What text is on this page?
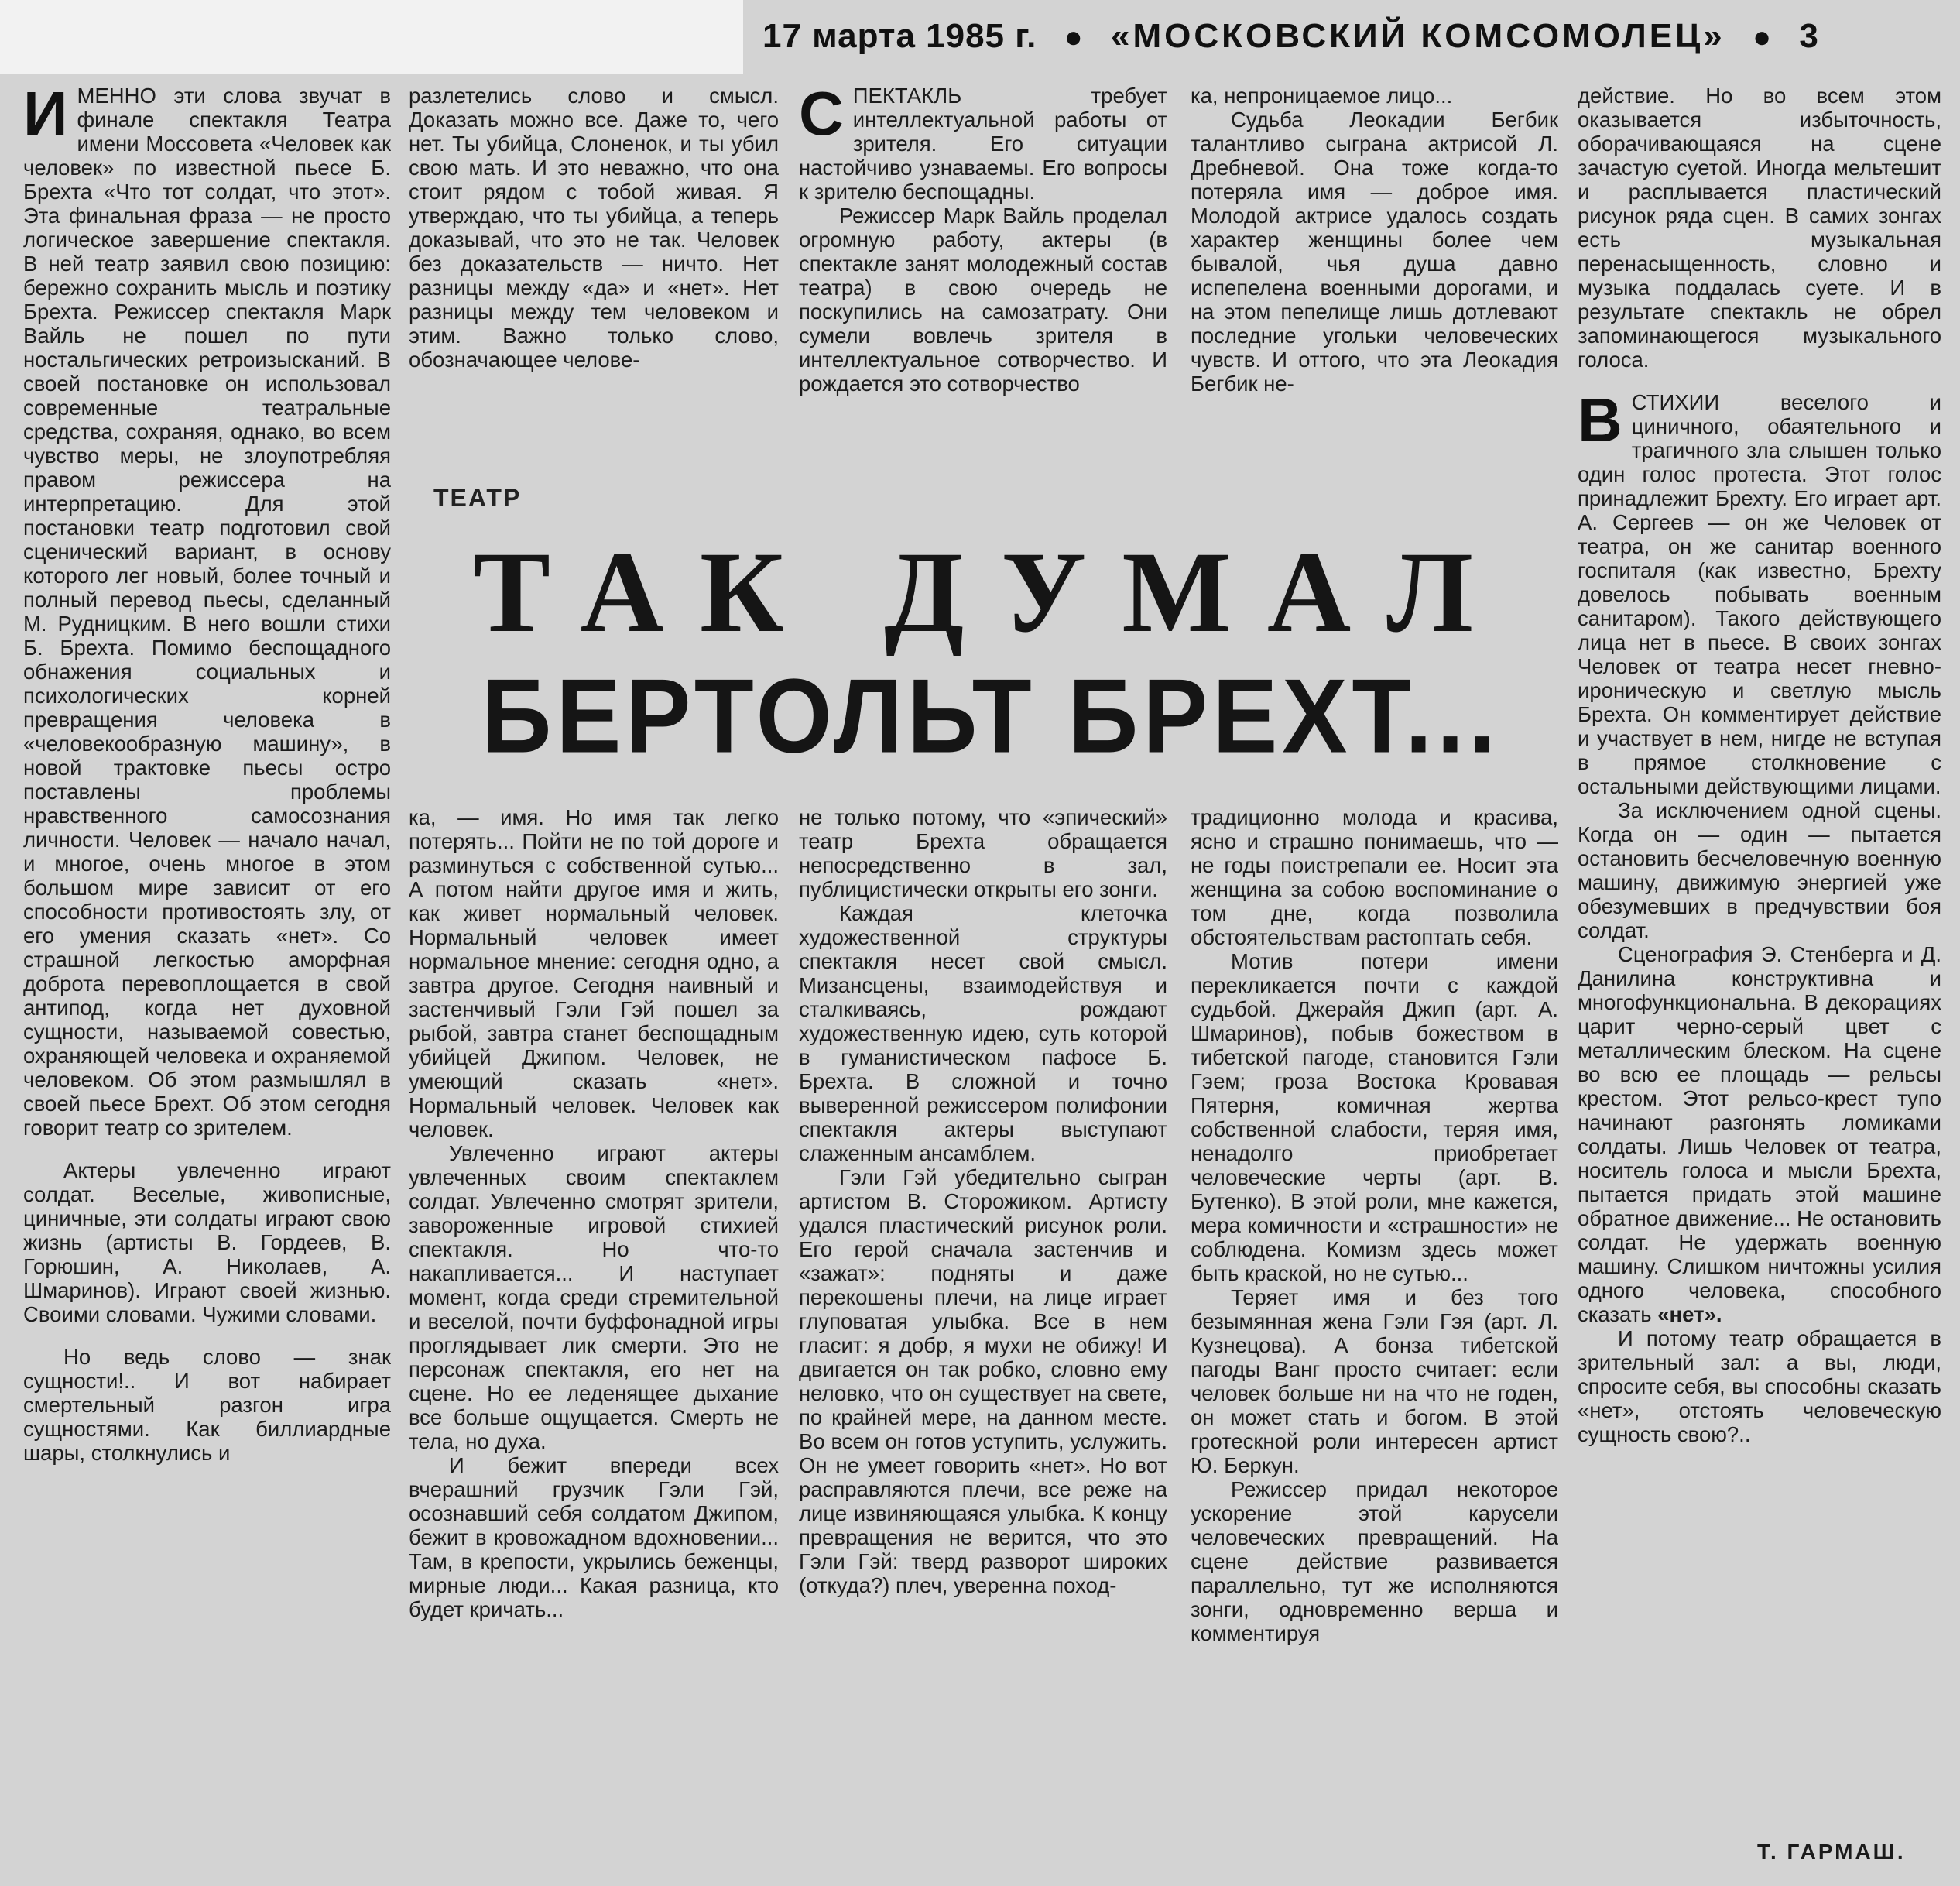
17 марта 1985 г. ● «МОСКОВСКИЙ КОМСОМОЛЕЦ» ● 3
И МЕННО эти слова звучат в финале спектакля Театра имени Моссовета «Человек как человек» по известной пьесе Б. Брехта «Что тот солдат, что этот». Эта финальная фраза — не просто логическое завершение спектакля. В ней театр заявил свою позицию: бережно сохранить мысль и поэтику Брехта. Режиссер спектакля Марк Вайль не пошел по пути ностальгических ретроизысканий. В своей постановке он использовал современные театральные средства, сохраняя, однако, во всем чувство меры, не злоупотребляя правом режиссера на интерпретацию. Для этой постановки театр подготовил свой сценический вариант, в основу которого лег новый, более точный и полный перевод пьесы, сделанный М. Рудницким. В него вошли стихи Б. Брехта. Помимо беспощадного обнажения социальных и психологических корней превращения человека в «человекообразную машину», в новой трактовке пьесы остро поставлены проблемы нравственного самосознания личности. Человек — начало начал, и многое, очень многое в этом большом мире зависит от его способности противостоять злу, от его умения сказать «нет». Со страшной легкостью аморфная доброта перевоплощается в свой антипод, когда нет духовной сущности, называемой совестью, охраняющей человека и охраняемой человеком. Об этом размышлял в своей пьесе Брехт. Об этом сегодня говорит театр со зрителем.

Актеры увлеченно играют солдат. Веселые, живописные, циничные, эти солдаты играют свою жизнь (артисты В. Гордеев, В. Горюшин, А. Николаев, А. Шмаринов). Играют своей жизнью. Своими словами. Чужими словами.

Но ведь слово — знак сущности!.. И вот набирает смертельный разгон игра сущностями. Как биллиардные шары, столкнулись и

разлетелись слово и смысл. Доказать можно все. Даже то, чего нет. Ты убийца, Слоненок, и ты убил свою мать. И это неважно, что она стоит рядом с тобой живая. Я утверждаю, что ты убийца, а теперь доказывай, что это не так. Человек без доказательств — ничто. Нет разницы между «да» и «нет». Нет разницы между тем человеком и этим. Важно только слово, обозначающее челове-

С ПЕКТАКЛЬ требует интеллектуальной работы от зрителя. Его ситуации настойчиво узнаваемы. Его вопросы к зрителю беспощадны.

Режиссер Марк Вайль проделал огромную работу, актеры (в спектакле занят молодежный состав театра) в свою очередь не поскупились на самозатрату. Они сумели вовлечь зрителя в интеллектуальное сотворчество. И рождается это сотворчество

ка, непроницаемое лицо...

Судьба Леокадии Бегбик талантливо сыграна актрисой Л. Дребневой. Она тоже когда-то потеряла имя — доброе имя. Молодой актрисе удалось создать характер женщины более чем бывалой, чья душа давно испепелена военными дорогами, и на этом пепелище лишь дотлевают последние угольки человеческих чувств. И оттого, что эта Леокадия Бегбик не-

ТЕАТР
ТАК ДУМАЛ
БЕРТОЛЬТ БРЕХТ...

ка, — имя. Но имя так легко потерять... Пойти не по той дороге и разминуться с собственной сутью... А потом найти другое имя и жить, как живет нормальный человек. Нормальный человек имеет нормальное мнение: сегодня одно, а завтра другое. Сегодня наивный и застенчивый Гэли Гэй пошел за рыбой, завтра станет беспощадным убийцей Джипом. Человек, не умеющий сказать «нет». Нормальный человек. Человек как человек.

Увлеченно играют актеры увлеченных своим спектаклем солдат. Увлеченно смотрят зрители, завороженные игровой стихией спектакля. Но что-то накапливается... И наступает момент, когда среди стремительной и веселой, почти буффонадной игры проглядывает лик смерти. Это не персонаж спектакля, его нет на сцене. Но ее леденящее дыхание все больше ощущается. Смерть не тела, но духа.

И бежит впереди всех вчерашний грузчик Гэли Гэй, осознавший себя солдатом Джипом, бежит в кровожадном вдохновении... Там, в крепости, укрылись беженцы, мирные люди... Какая разница, кто будет кричать...

не только потому, что «эпический» театр Брехта обращается непосредственно в зал, публицистически открыты его зонги.

Каждая клеточка художественной структуры спектакля несет свой смысл. Мизансцены, взаимодействуя и сталкиваясь, рождают художественную идею, суть которой в гуманистическом пафосе Б. Брехта. В сложной и точно выверенной режиссером полифонии спектакля актеры выступают слаженным ансамблем.

Гэли Гэй убедительно сыгран артистом В. Сторожиком. Артисту удался пластический рисунок роли. Его герой сначала застенчив и «зажат»: подняты и даже перекошены плечи, на лице играет глуповатая улыбка. Все в нем гласит: я добр, я мухи не обижу! И двигается он так робко, словно ему неловко, что он существует на свете, по крайней мере, на данном месте. Во всем он готов уступить, услужить. Он не умеет говорить «нет». Но вот расправляются плечи, все реже на лице извиняющаяся улыбка. К концу превращения не верится, что это Гэли Гэй: тверд разворот широких (откуда?) плеч, уверенна поход-

традиционно молода и красива, ясно и страшно понимаешь, что — не годы поистрепали ее. Носит эта женщина за собою воспоминание о том дне, когда позволила обстоятельствам растоптать себя.

Мотив потери имени перекликается почти с каждой судьбой. Джерайя Джип (арт. А. Шмаринов), побыв божеством в тибетской пагоде, становится Гэли Гэем; гроза Востока Кровавая Пятерня, комичная жертва собственной слабости, теряя имя, ненадолго приобретает человеческие черты (арт. В. Бутенко). В этой роли, мне кажется, мера комичности и «страшности» не соблюдена. Комизм здесь может быть краской, но не сутью...

Теряет имя и без того безымянная жена Гэли Гэя (арт. Л. Кузнецова). А бонза тибетской пагоды Ванг просто считает: если человек больше ни на что не годен, он может стать и богом. В этой гротескной роли интересен артист Ю. Беркун.

Режиссер придал некоторое ускорение этой карусели человеческих превращений. На сцене действие развивается параллельно, тут же исполняются зонги, одновременно верша и комментируя

действие. Но во всем этом оказывается избыточность, оборачивающаяся на сцене зачастую суетой. Иногда мельтешит и расплывается пластический рисунок ряда сцен. В самих зонгах есть музыкальная перенасыщенность, словно и музыка поддалась суете. И в результате спектакль не обрел запоминающегося музыкального голоса.

ВСТИХИИ веселого и циничного, обаятельного и трагичного зла слышен только один голос протеста. Этот голос принадлежит Брехту. Его играет арт. А. Сергеев — он же Человек от театра, он же санитар военного госпиталя (как известно, Брехту довелось побывать военным санитаром). Такого действующего лица нет в пьесе. В своих зонгах Человек от театра несет гневно-ироническую и светлую мысль Брехта. Он комментирует действие и участвует в нем, нигде не вступая в прямое столкновение с остальными действующими лицами.

За исключением одной сцены. Когда он — один — пытается остановить бесчеловечную военную машину, движимую энергией уже обезумевших в предчувствии боя солдат.

Сценография Э. Стенберга и Д. Данилина конструктивна и многофункциональна. В декорациях царит черно-серый цвет с металлическим блеском. На сцене во всю ее площадь — рельсы крестом. Этот рельсо-крест тупо начинают разгонять ломиками солдаты. Лишь Человек от театра, носитель голоса и мысли Брехта, пытается придать этой машине обратное движение... Не остановить солдат. Не удержать военную машину. Слишком ничтожны усилия одного человека, способного сказать «нет».

И потому театр обращается в зрительный зал: а вы, люди, спросите себя, вы способны сказать «нет», отстоять человеческую сущность свою?..

Т. ГАРМАШ.
